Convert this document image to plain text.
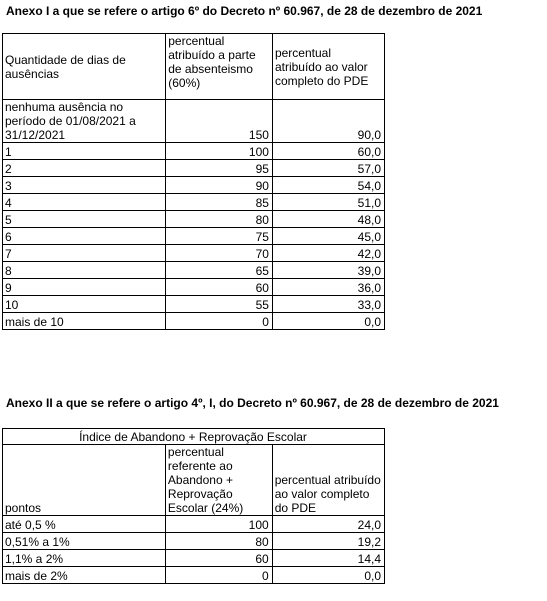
Anexo I a que se refere o artigo 6º do Decreto nº 60.967, de 28 de dezembro de 2021
Quantidade de dias de ausências	percentual atribuído a parte de absenteismo (60%)	percentual atribuído ao valor completo do PDE
nenhuma ausência no período de 01/08/2021 a 31/12/2021	150	90,0
1	100	60,0
2	95	57,0
3	90	54,0
4	85	51,0
5	80	48,0
6	75	45,0
7	70	42,0
8	65	39,0
9	60	36,0
10	55	33,0
mais de 10	0	0,0
Anexo II a que se refere o artigo 4º, I, do Decreto nº 60.967, de 28 de dezembro de 2021
Índice de Abandono + Reprovação Escolar		
pontos	percentual referente ao Abandono + Reprovação Escolar (24%)	percentual atribuído ao valor completo do PDE
até 0,5 %	100	24,0
0,51% a 1%	80	19,2
1,1% a 2%	60	14,4
mais de 2%	0	0,0
